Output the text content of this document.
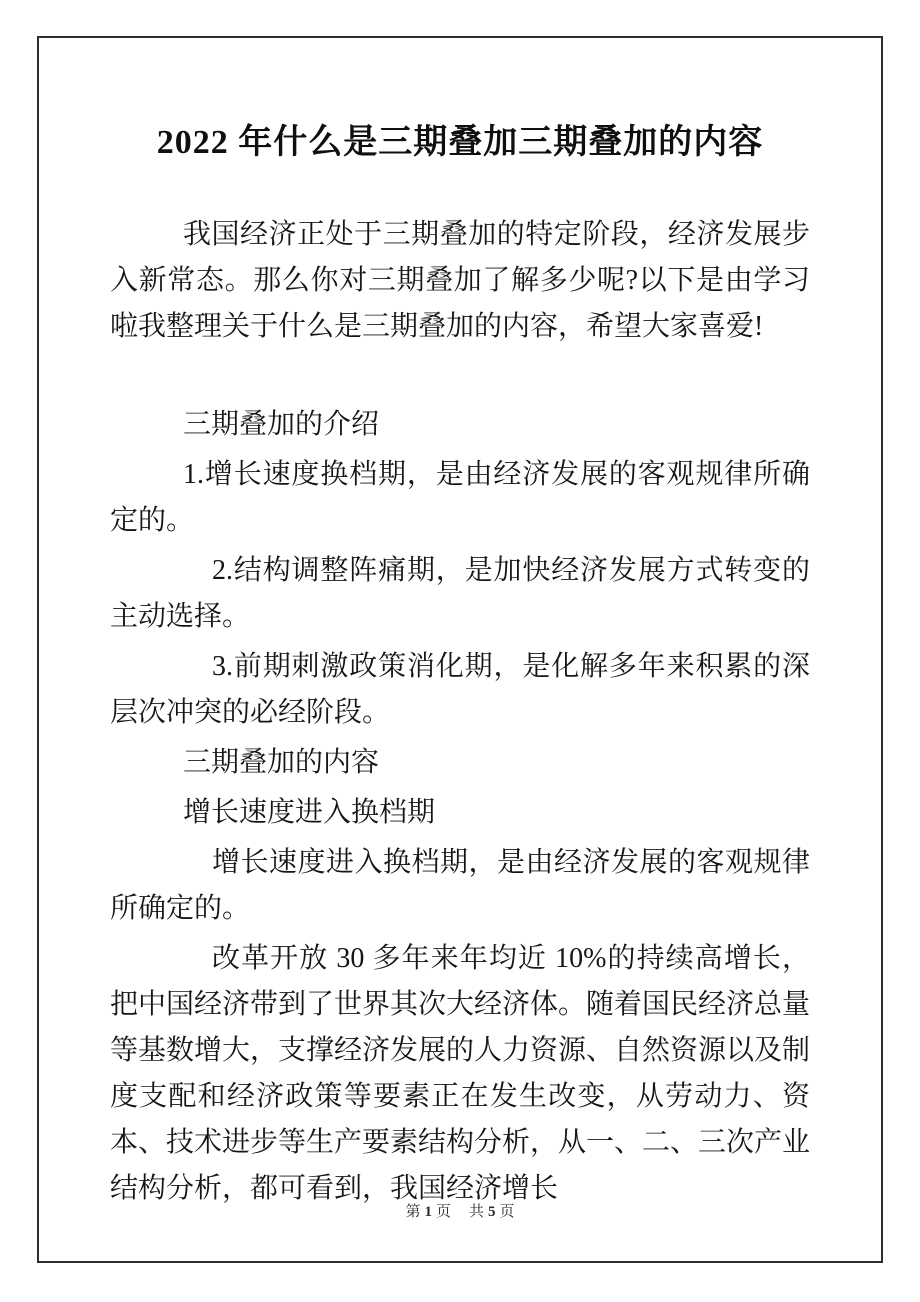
2022 年什么是三期叠加三期叠加的内容

我国经济正处于三期叠加的特定阶段，经济发展步入新常态。那么你对三期叠加了解多少呢?以下是由学习啦我整理关于什么是三期叠加的内容，希望大家喜爱!

三期叠加的介绍

1.增长速度换档期，是由经济发展的客观规律所确定的。

2.结构调整阵痛期，是加快经济发展方式转变的主动选择。

3.前期刺激政策消化期，是化解多年来积累的深层次冲突的必经阶段。

三期叠加的内容

增长速度进入换档期

增长速度进入换档期，是由经济发展的客观规律所确定的。

改革开放 30 多年来年均近 10%的持续高增长，把中国经济带到了世界其次大经济体。随着国民经济总量等基数增大，支撑经济发展的人力资源、自然资源以及制度支配和经济政策等要素正在发生改变，从劳动力、资本、技术进步等生产要素结构分析，从一、二、三次产业结构分析，都可看到，我国经济增长

第 1 页 共 5 页
